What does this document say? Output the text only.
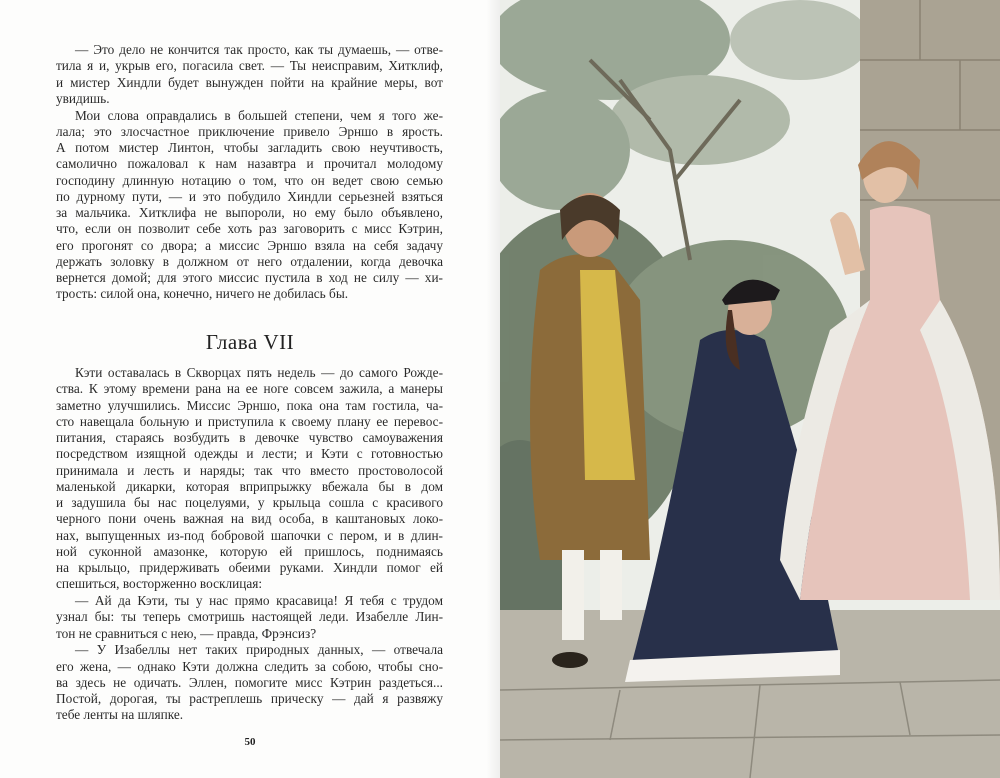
— Это дело не кончится так просто, как ты думаешь, — отве-
тила я и, укрыв его, погасила свет. — Ты неисправим, Хитклиф,
и мистер Хиндли будет вынужден пойти на крайние меры, вот
увидишь.
Мои слова оправдались в большей степени, чем я того же-
лала; это злосчастное приключение привело Эрншо в ярость.
А потом мистер Линтон, чтобы загладить свою неучтивость,
самолично пожаловал к нам назавтра и прочитал молодому
господину длинную нотацию о том, что он ведет свою семью
по дурному пути, — и это побудило Хиндли серьезней взяться
за мальчика. Хитклифа не выпороли, но ему было объявлено,
что, если он позволит себе хоть раз заговорить с мисс Кэтрин,
его прогонят со двора; а миссис Эрншо взяла на себя задачу
держать золовку в должном от него отдалении, когда девочка
вернется домой; для этого миссис пустила в ход не силу — хи-
трость: силой она, конечно, ничего не добилась бы.
Глава VII
Кэти оставалась в Скворцах пять недель — до самого Рожде-
ства. К этому времени рана на ее ноге совсем зажила, а манеры
заметно улучшились. Миссис Эрншо, пока она там гостила, ча-
сто навещала больную и приступила к своему плану ее перевос-
питания, стараясь возбудить в девочке чувство самоуважения
посредством изящной одежды и лести; и Кэти с готовностью
принимала и лесть и наряды; так что вместо простоволосой
маленькой дикарки, которая вприпрыжку вбежала бы в дом
и задушила бы нас поцелуями, у крыльца сошла с красивого
черного пони очень важная на вид особа, в каштановых локо-
нах, выпущенных из-под бобровой шапочки с пером, и в длин-
ной суконной амазонке, которую ей пришлось, поднимаясь
на крыльцо, придерживать обеими руками. Хиндли помог ей
спешиться, восторженно восклицая:
— Ай да Кэти, ты у нас прямо красавица! Я тебя с трудом
узнал бы: ты теперь смотришь настоящей леди. Изабелле Лин-
тон не сравниться с нею, — правда, Фрэнсиз?
— У Изабеллы нет таких природных данных, — отвечала
его жена, — однако Кэти должна следить за собою, чтобы сно-
ва здесь не одичать. Эллен, помогите мисс Кэтрин раздеться...
Постой, дорогая, ты растреплешь прическу — дай я развяжу
тебе ленты на шляпке.
50
